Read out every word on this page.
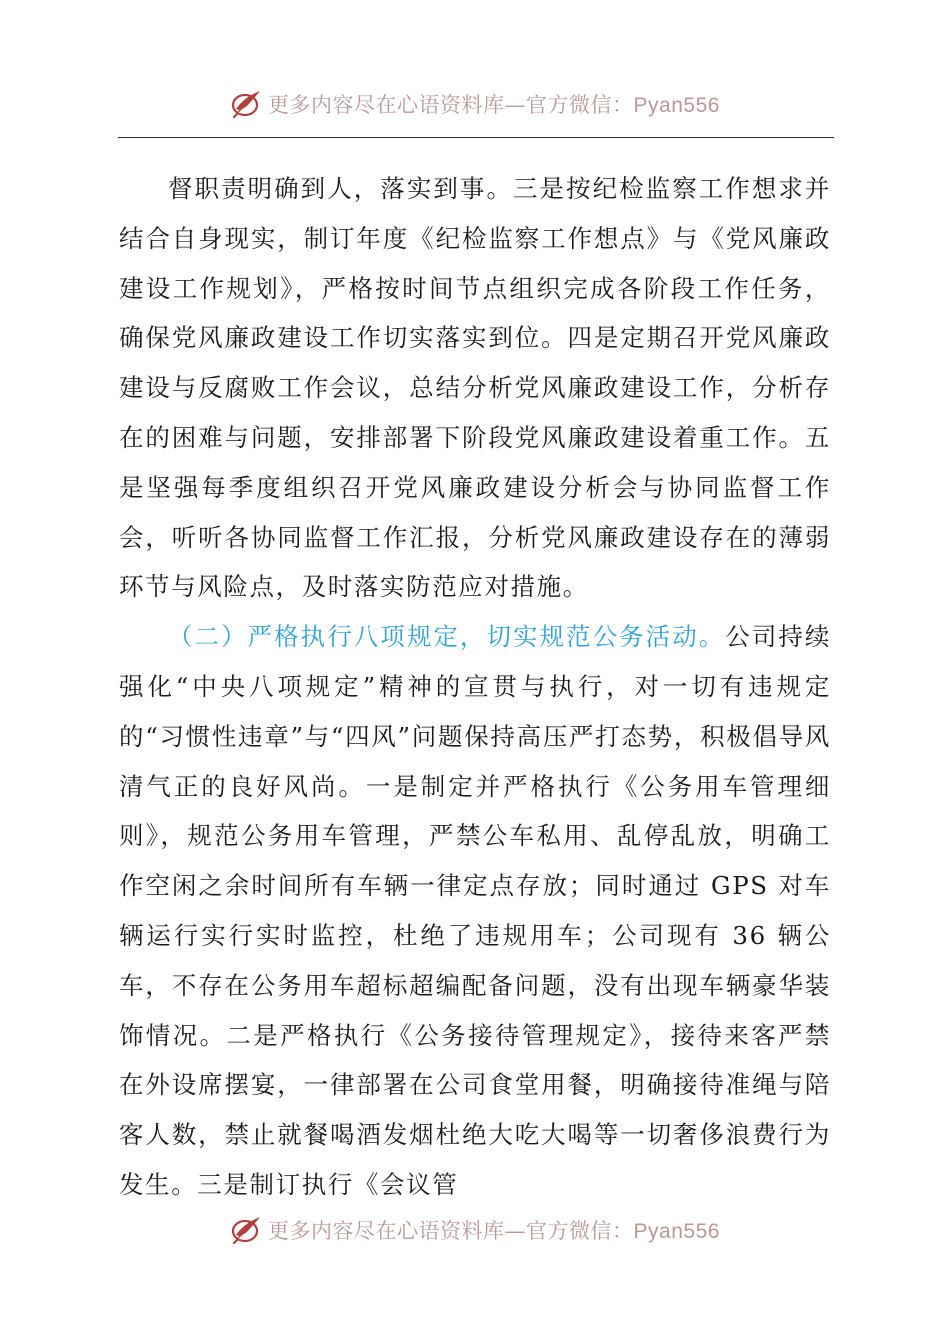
更多内容尽在心语资料库—官方微信：Pyan556

督职责明确到人，落实到事。三是按纪检监察工作想求并结合自身现实，制订年度《纪检监察工作想点》与《党风廉政建设工作规划》，严格按时间节点组织完成各阶段工作任务，确保党风廉政建设工作切实落实到位。四是定期召开党风廉政建设与反腐败工作会议，总结分析党风廉政建设工作，分析存在的困难与问题，安排部署下阶段党风廉政建设着重工作。五是坚强每季度组织召开党风廉政建设分析会与协同监督工作会，听听各协同监督工作汇报，分析党风廉政建设存在的薄弱环节与风险点，及时落实防范应对措施。

（二）严格执行八项规定，切实规范公务活动。公司持续强化“中央八项规定”精神的宣贯与执行，对一切有违规定的“习惯性违章”与“四风”问题保持高压严打态势，积极倡导风清气正的良好风尚。一是制定并严格执行《公务用车管理细则》，规范公务用车管理，严禁公车私用、乱停乱放，明确工作空闲之余时间所有车辆一律定点存放；同时通过 GPS 对车辆运行实行实时监控，杜绝了违规用车；公司现有 36 辆公车，不存在公务用车超标超编配备问题，没有出现车辆豪华装饰情况。二是严格执行《公务接待管理规定》，接待来客严禁在外设席摆宴，一律部署在公司食堂用餐，明确接待准绳与陪客人数，禁止就餐喝酒发烟杜绝大吃大喝等一切奢侈浪费行为发生。三是制订执行《会议管

更多内容尽在心语资料库—官方微信：Pyan556
